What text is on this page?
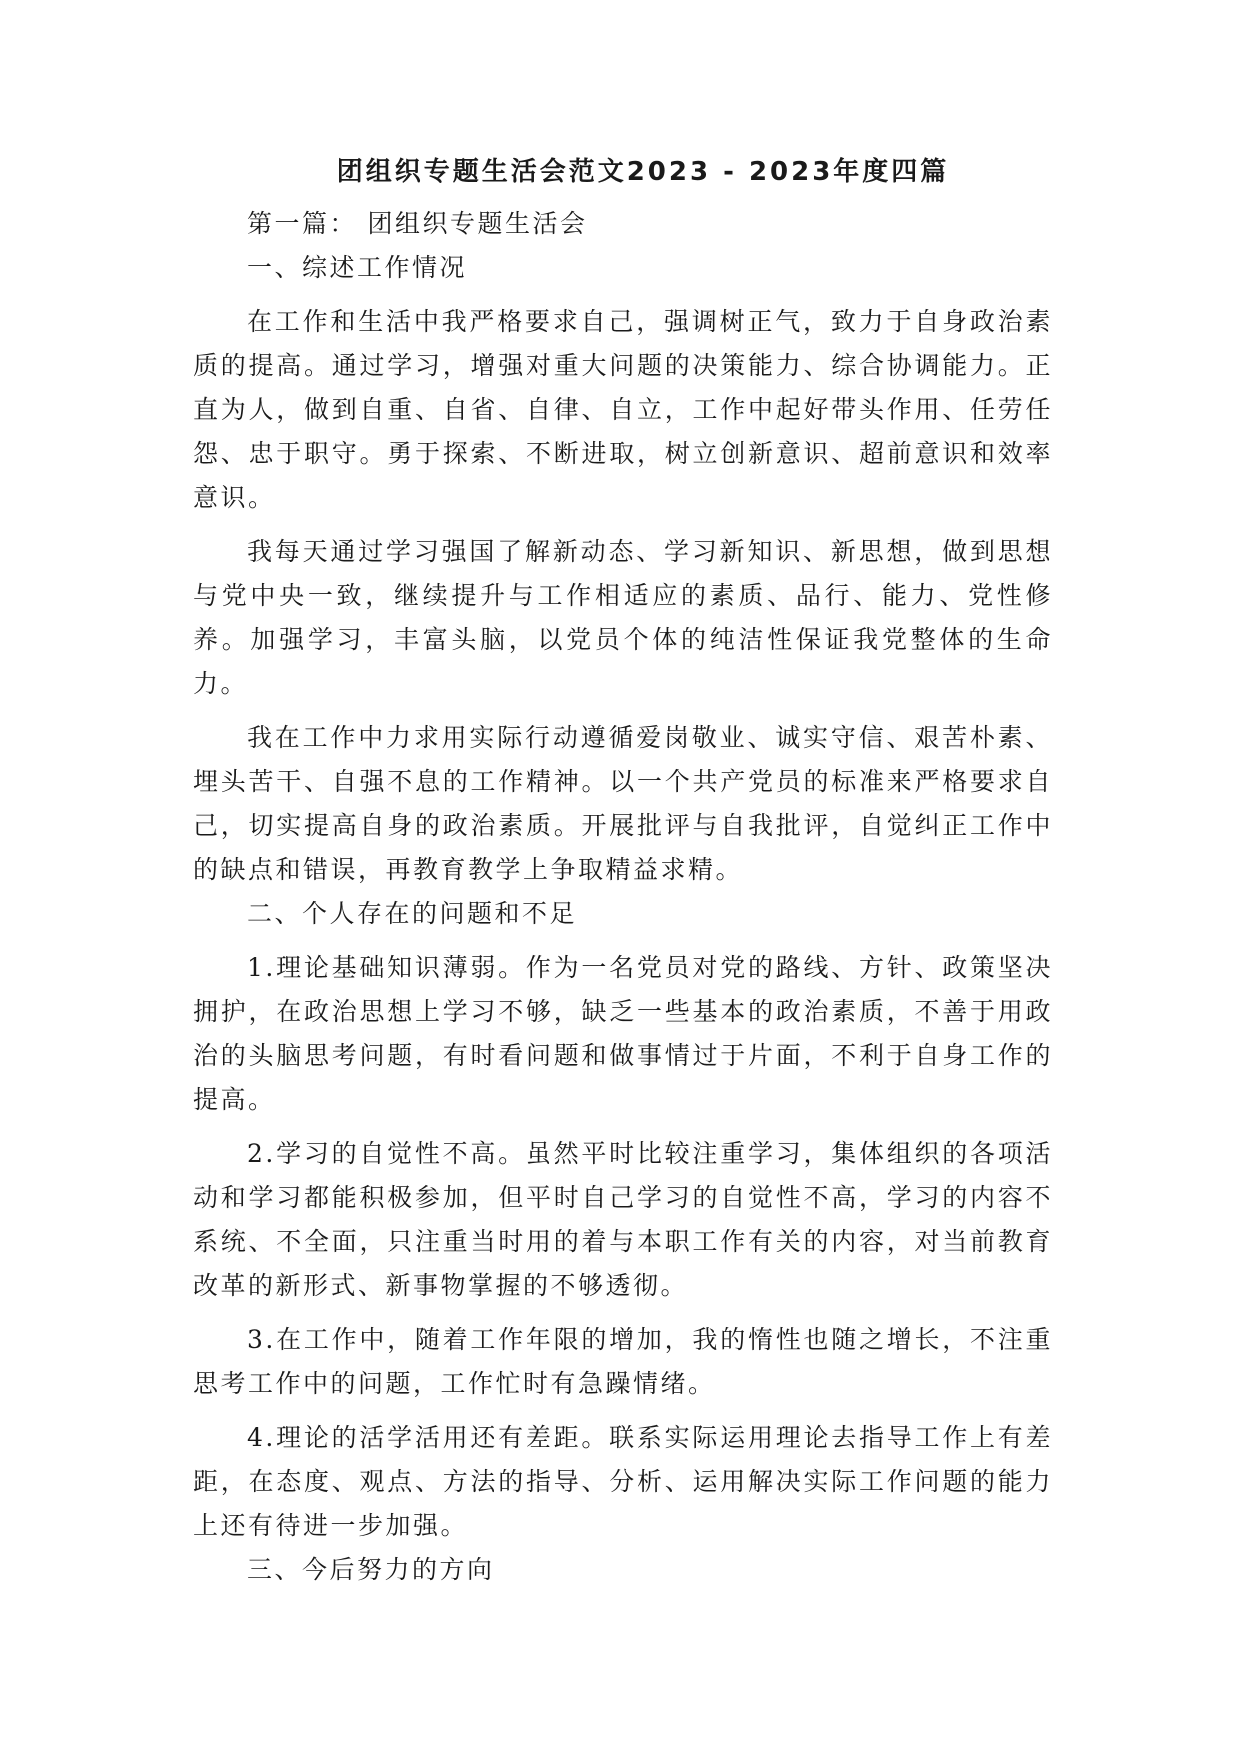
团组织专题生活会范文2023 - 2023年度四篇

第一篇： 团组织专题生活会

一、综述工作情况

在工作和生活中我严格要求自己，强调树正气，致力于自身政治素质的提高。通过学习，增强对重大问题的决策能力、综合协调能力。正直为人，做到自重、自省、自律、自立，工作中起好带头作用、任劳任怨、忠于职守。勇于探索、不断进取，树立创新意识、超前意识和效率意识。

我每天通过学习强国了解新动态、学习新知识、新思想，做到思想与党中央一致，继续提升与工作相适应的素质、品行、能力、党性修养。加强学习，丰富头脑，以党员个体的纯洁性保证我党整体的生命力。

我在工作中力求用实际行动遵循爱岗敬业、诚实守信、艰苦朴素、埋头苦干、自强不息的工作精神。以一个共产党员的标准来严格要求自己，切实提高自身的政治素质。开展批评与自我批评，自觉纠正工作中的缺点和错误，再教育教学上争取精益求精。

二、个人存在的问题和不足

1.理论基础知识薄弱。作为一名党员对党的路线、方针、政策坚决拥护，在政治思想上学习不够，缺乏一些基本的政治素质，不善于用政治的头脑思考问题，有时看问题和做事情过于片面，不利于自身工作的提高。

2.学习的自觉性不高。虽然平时比较注重学习，集体组织的各项活动和学习都能积极参加，但平时自己学习的自觉性不高，学习的内容不系统、不全面，只注重当时用的着与本职工作有关的内容，对当前教育改革的新形式、新事物掌握的不够透彻。

3.在工作中，随着工作年限的增加，我的惰性也随之增长，不注重思考工作中的问题，工作忙时有急躁情绪。

4.理论的活学活用还有差距。联系实际运用理论去指导工作上有差距，在态度、观点、方法的指导、分析、运用解决实际工作问题的能力上还有待进一步加强。

三、今后努力的方向
